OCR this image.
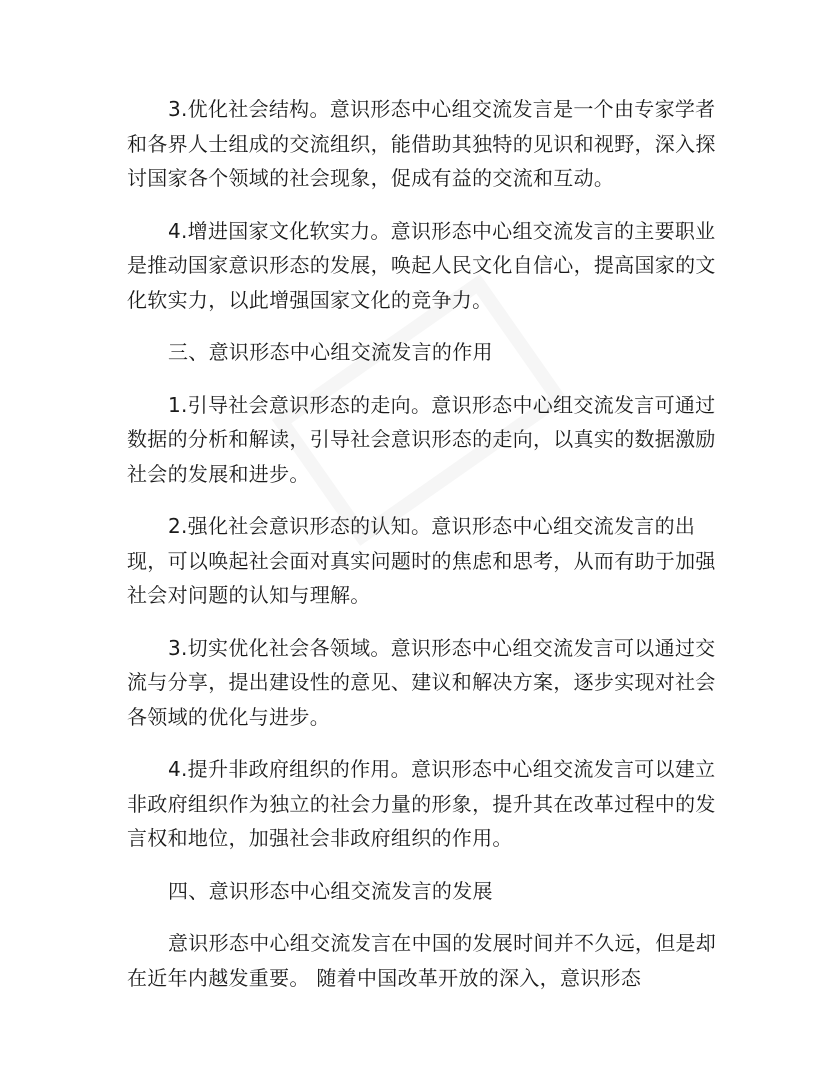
3.优化社会结构。意识形态中心组交流发言是一个由专家学者和各界人士组成的交流组织，能借助其独特的见识和视野，深入探讨国家各个领域的社会现象，促成有益的交流和互动。

4.增进国家文化软实力。意识形态中心组交流发言的主要职业是推动国家意识形态的发展，唤起人民文化自信心，提高国家的文化软实力，以此增强国家文化的竞争力。

三、意识形态中心组交流发言的作用

1.引导社会意识形态的走向。意识形态中心组交流发言可通过数据的分析和解读，引导社会意识形态的走向，以真实的数据激励社会的发展和进步。

2.强化社会意识形态的认知。意识形态中心组交流发言的出现，可以唤起社会面对真实问题时的焦虑和思考，从而有助于加强社会对问题的认知与理解。

3.切实优化社会各领域。意识形态中心组交流发言可以通过交流与分享，提出建设性的意见、建议和解决方案，逐步实现对社会各领域的优化与进步。

4.提升非政府组织的作用。意识形态中心组交流发言可以建立非政府组织作为独立的社会力量的形象，提升其在改革过程中的发言权和地位，加强社会非政府组织的作用。

四、意识形态中心组交流发言的发展

意识形态中心组交流发言在中国的发展时间并不久远，但是却在近年内越发重要。 随着中国改革开放的深入，意识形态
